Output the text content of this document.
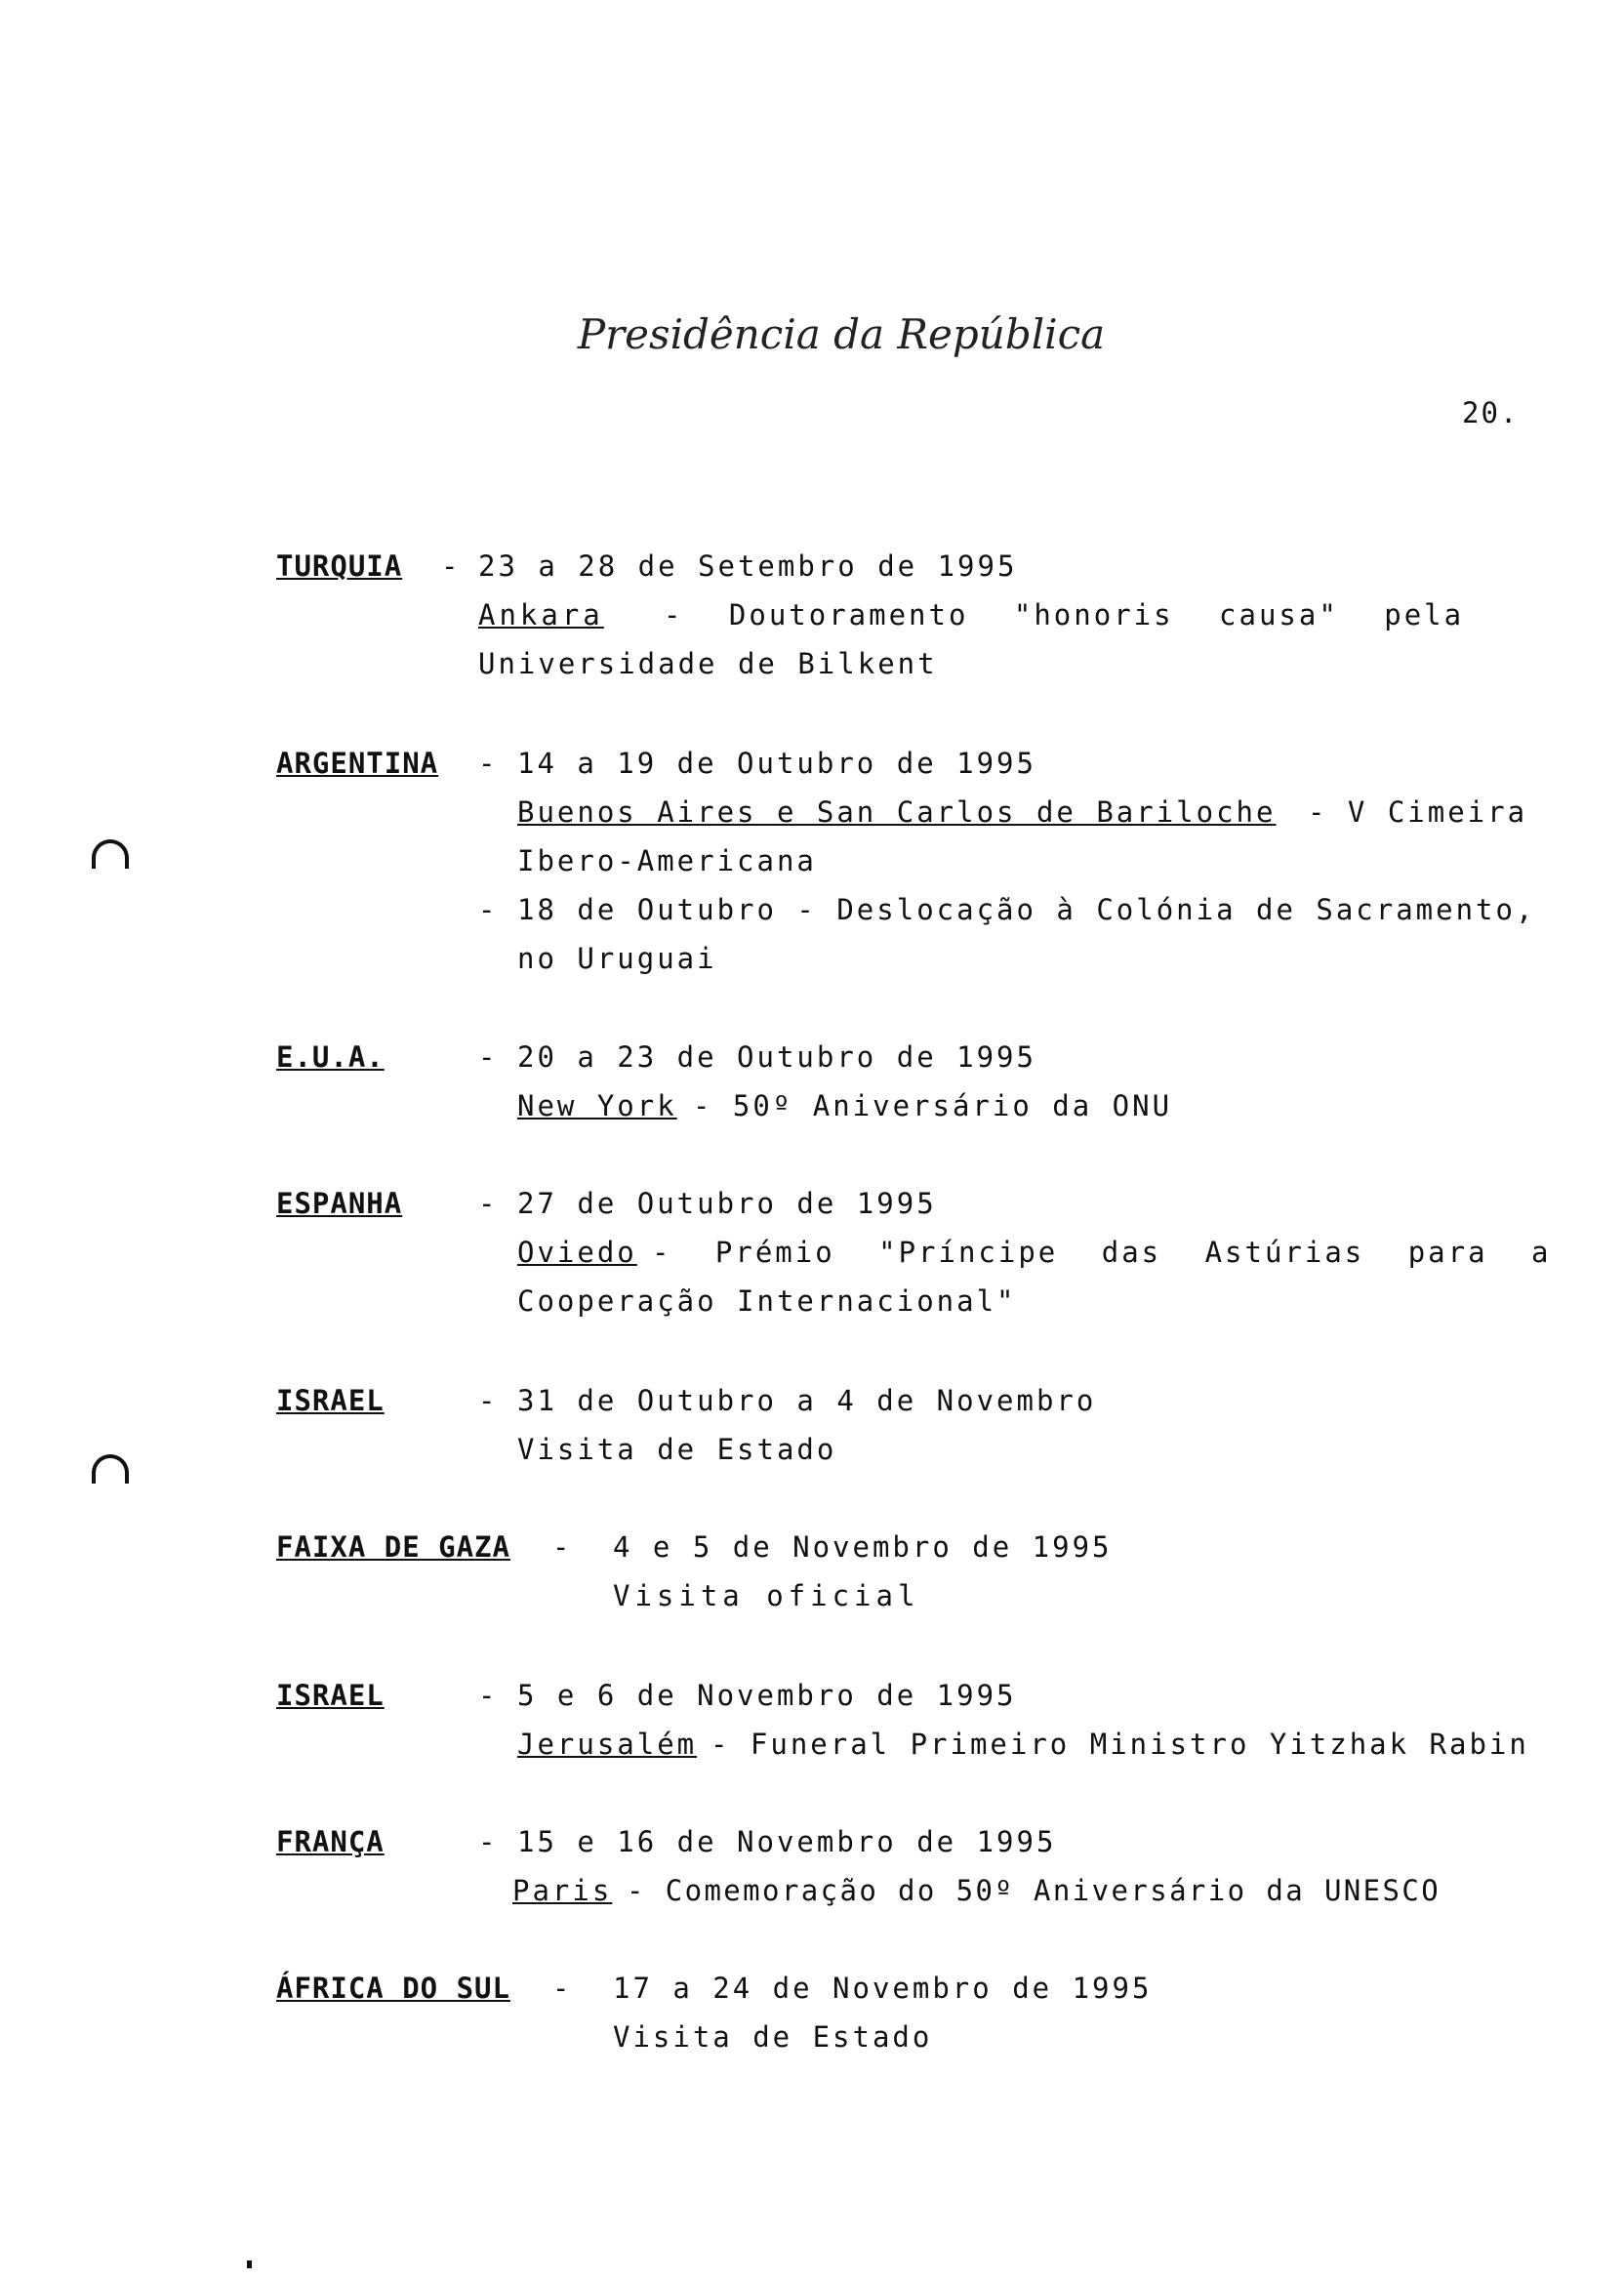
Presidência da República
20.
TURQUIA - 23 a 28 de Setembro de 1995
Ankara - Doutoramento "honoris causa" pela
Universidade de Bilkent
ARGENTINA - 14 a 19 de Outubro de 1995
Buenos Aires e San Carlos de Bariloche - V Cimeira
Ibero-Americana
- 18 de Outubro - Deslocação à Colónia de Sacramento,
no Uruguai
E.U.A.	- 20 a 23 de Outubro de 1995
New York - 50º Aniversário da ONU
ESPANHA	- 27 de Outubro de 1995
Oviedo - Prémio "Príncipe das Astúrias para a
Cooperação Internacional"
ISRAEL	- 31 de Outubro a 4 de Novembro
Visita de Estado
FAIXA DE GAZA - 4 e 5 de Novembro de 1995
Visita oficial
ISRAEL	- 5 e 6 de Novembro de 1995
Jerusalém - Funeral Primeiro Ministro Yitzhak Rabin
FRANÇA	- 15 e 16 de Novembro de 1995
Paris - Comemoração do 50º Aniversário da UNESCO
ÁFRICA DO SUL - 17 a 24 de Novembro de 1995
Visita de Estado
